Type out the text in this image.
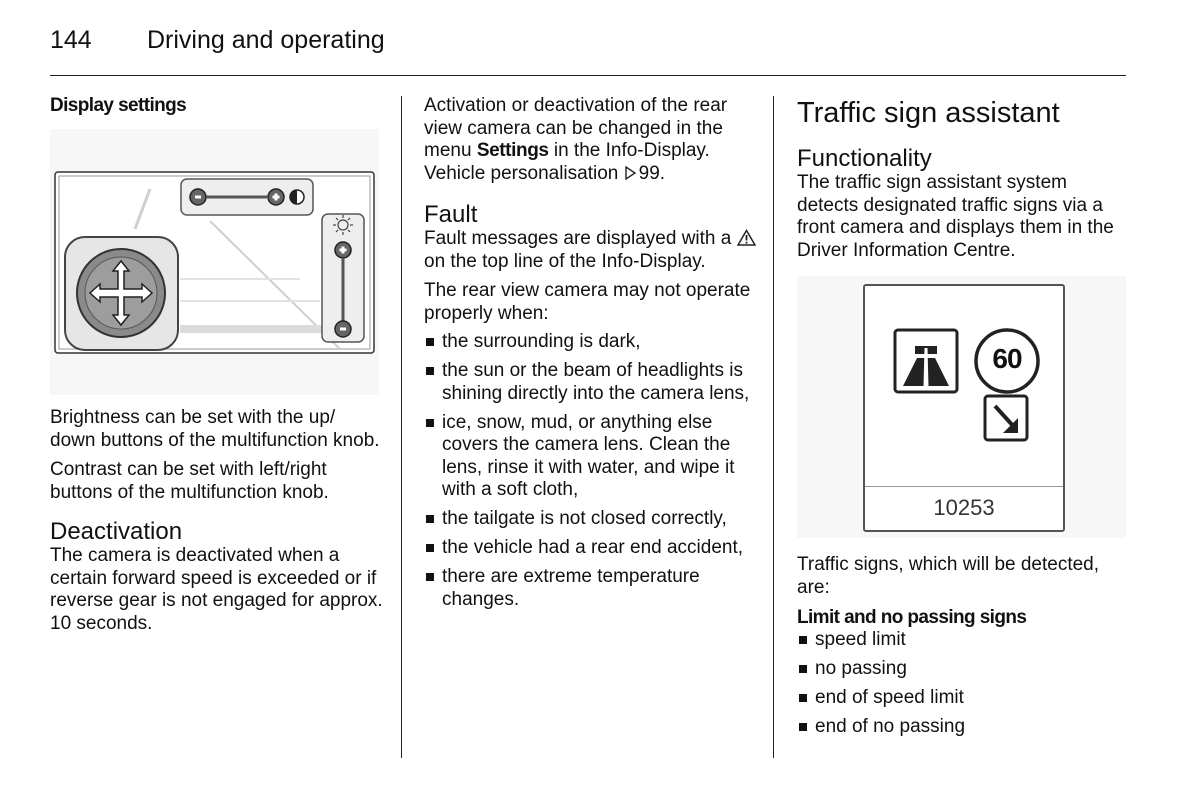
144 Driving and operating
Display settings

Brightness can be set with the up/ down buttons of the multifunction knob.

Contrast can be set with left/right buttons of the multifunction knob.

Deactivation

The camera is deactivated when a certain forward speed is exceeded or if reverse gear is not engaged for approx. 10 seconds.

Activation or deactivation of the rear view camera can be changed in the menu Settings in the Info-Display. Vehicle personalisation 99.

Fault

Fault messages are displayed with a on the top line of the Info-Display.

The rear view camera may not operate properly when:

the surrounding is dark,
the sun or the beam of headlights is shining directly into the camera lens,
ice, snow, mud, or anything else covers the camera lens. Clean the lens, rinse it with water, and wipe it with a soft cloth,
the tailgate is not closed correctly,
the vehicle had a rear end accident,
there are extreme temperature changes.
Traffic sign assistant
Functionality

The traffic sign assistant system detects designated traffic signs via a front camera and displays them in the Driver Information Centre.

60
10253

Traffic signs, which will be detected, are:

Limit and no passing signs
speed limit
no passing
end of speed limit
end of no passing
